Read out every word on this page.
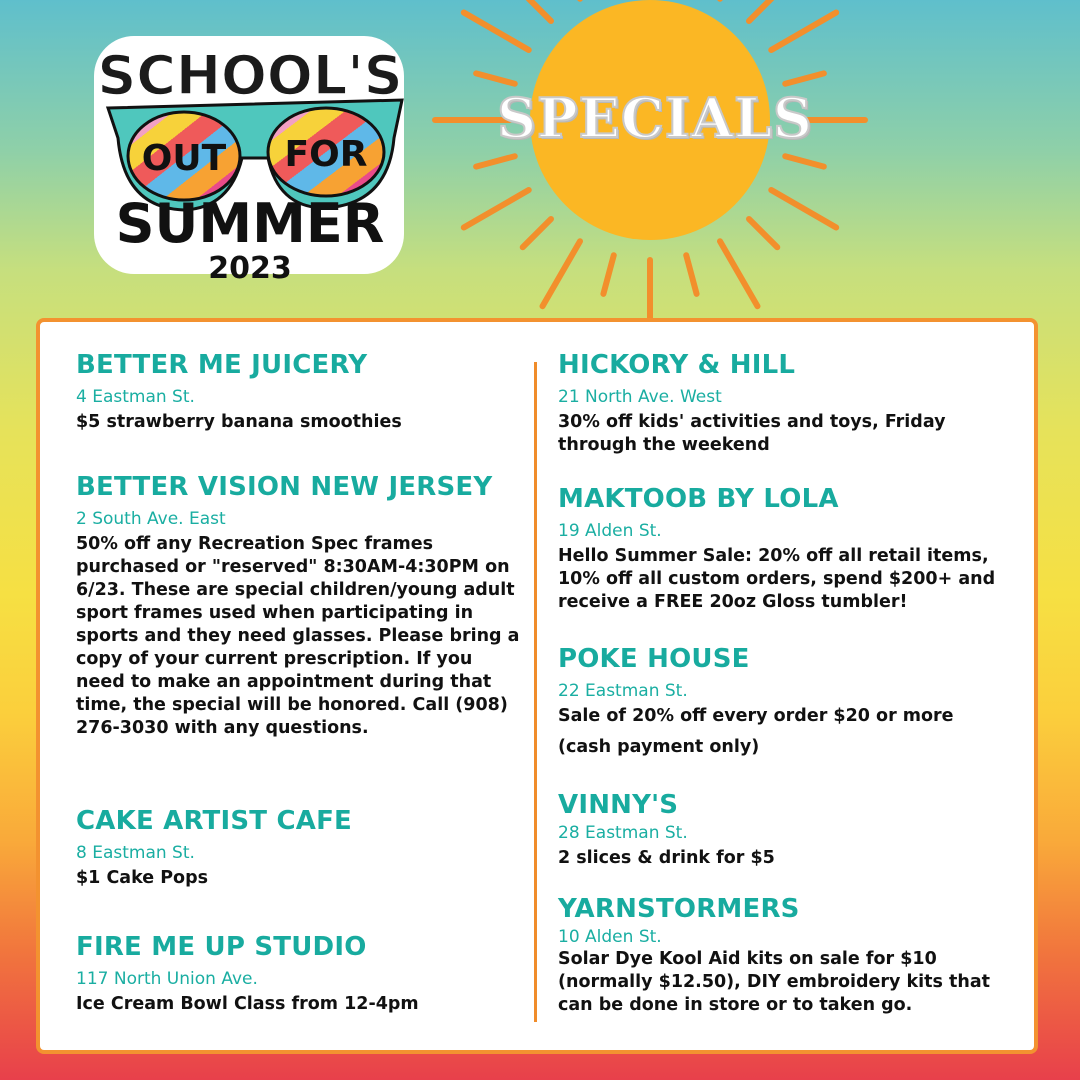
SCHOOL'S
OUT FOR
SUMMER
2023
SPECIALS
BETTER ME JUICERY
4 Eastman St.
$5 strawberry banana smoothies
BETTER VISION NEW JERSEY
2 South Ave. East
50% off any Recreation Spec frames purchased or "reserved" 8:30AM-4:30PM on 6/23. These are special children/young adult sport frames used when participating in sports and they need glasses. Please bring a copy of your current prescription. If you need to make an appointment during that time, the special will be honored. Call (908) 276-3030 with any questions.
CAKE ARTIST CAFE
8 Eastman St.
$1 Cake Pops
FIRE ME UP STUDIO
117 North Union Ave.
Ice Cream Bowl Class from 12-4pm
HICKORY & HILL
21 North Ave. West
30% off kids' activities and toys, Friday through the weekend
MAKTOOB BY LOLA
19 Alden St.
Hello Summer Sale: 20% off all retail items, 10% off all custom orders, spend $200+ and receive a FREE 20oz Gloss tumbler!
POKE HOUSE
22 Eastman St.
Sale of 20% off every order $20 or more
(cash payment only)
VINNY'S
28 Eastman St.
2 slices & drink for $5
YARNSTORMERS
10 Alden St.
Solar Dye Kool Aid kits on sale for $10 (normally $12.50), DIY embroidery kits that can be done in store or to taken go.
